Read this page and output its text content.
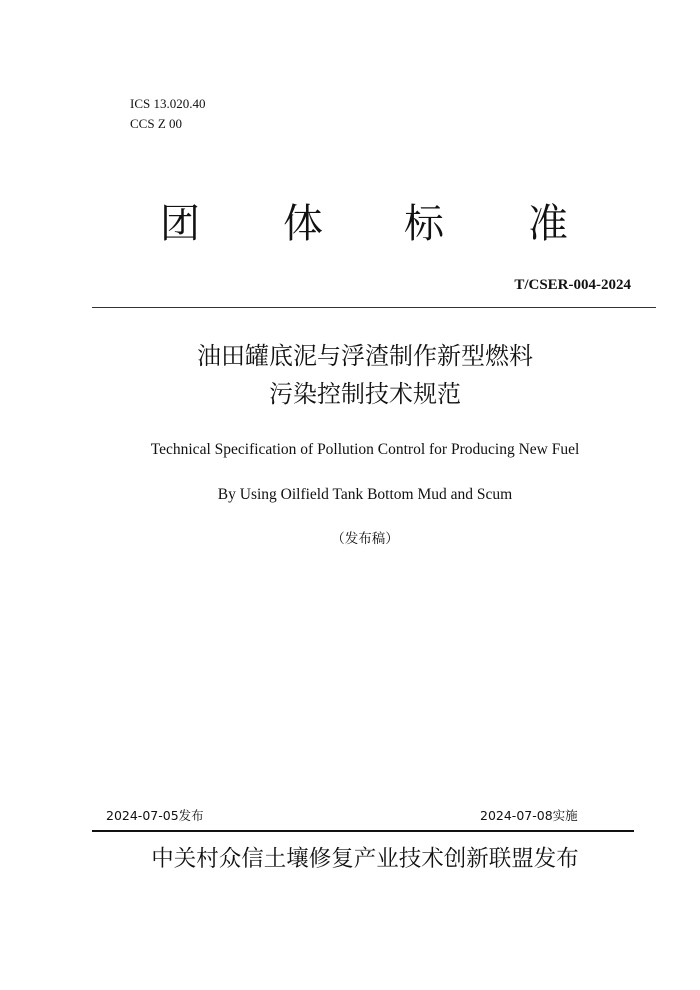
ICS 13.020.40
CCS Z 00
团 体 标 准
T/CSER-004-2024
油田罐底泥与浮渣制作新型燃料
污染控制技术规范
Technical Specification of Pollution Control for Producing New Fuel
By Using Oilfield Tank Bottom Mud and Scum
（发布稿）
2024-07-05发布	2024-07-08实施
中关村众信土壤修复产业技术创新联盟发布
